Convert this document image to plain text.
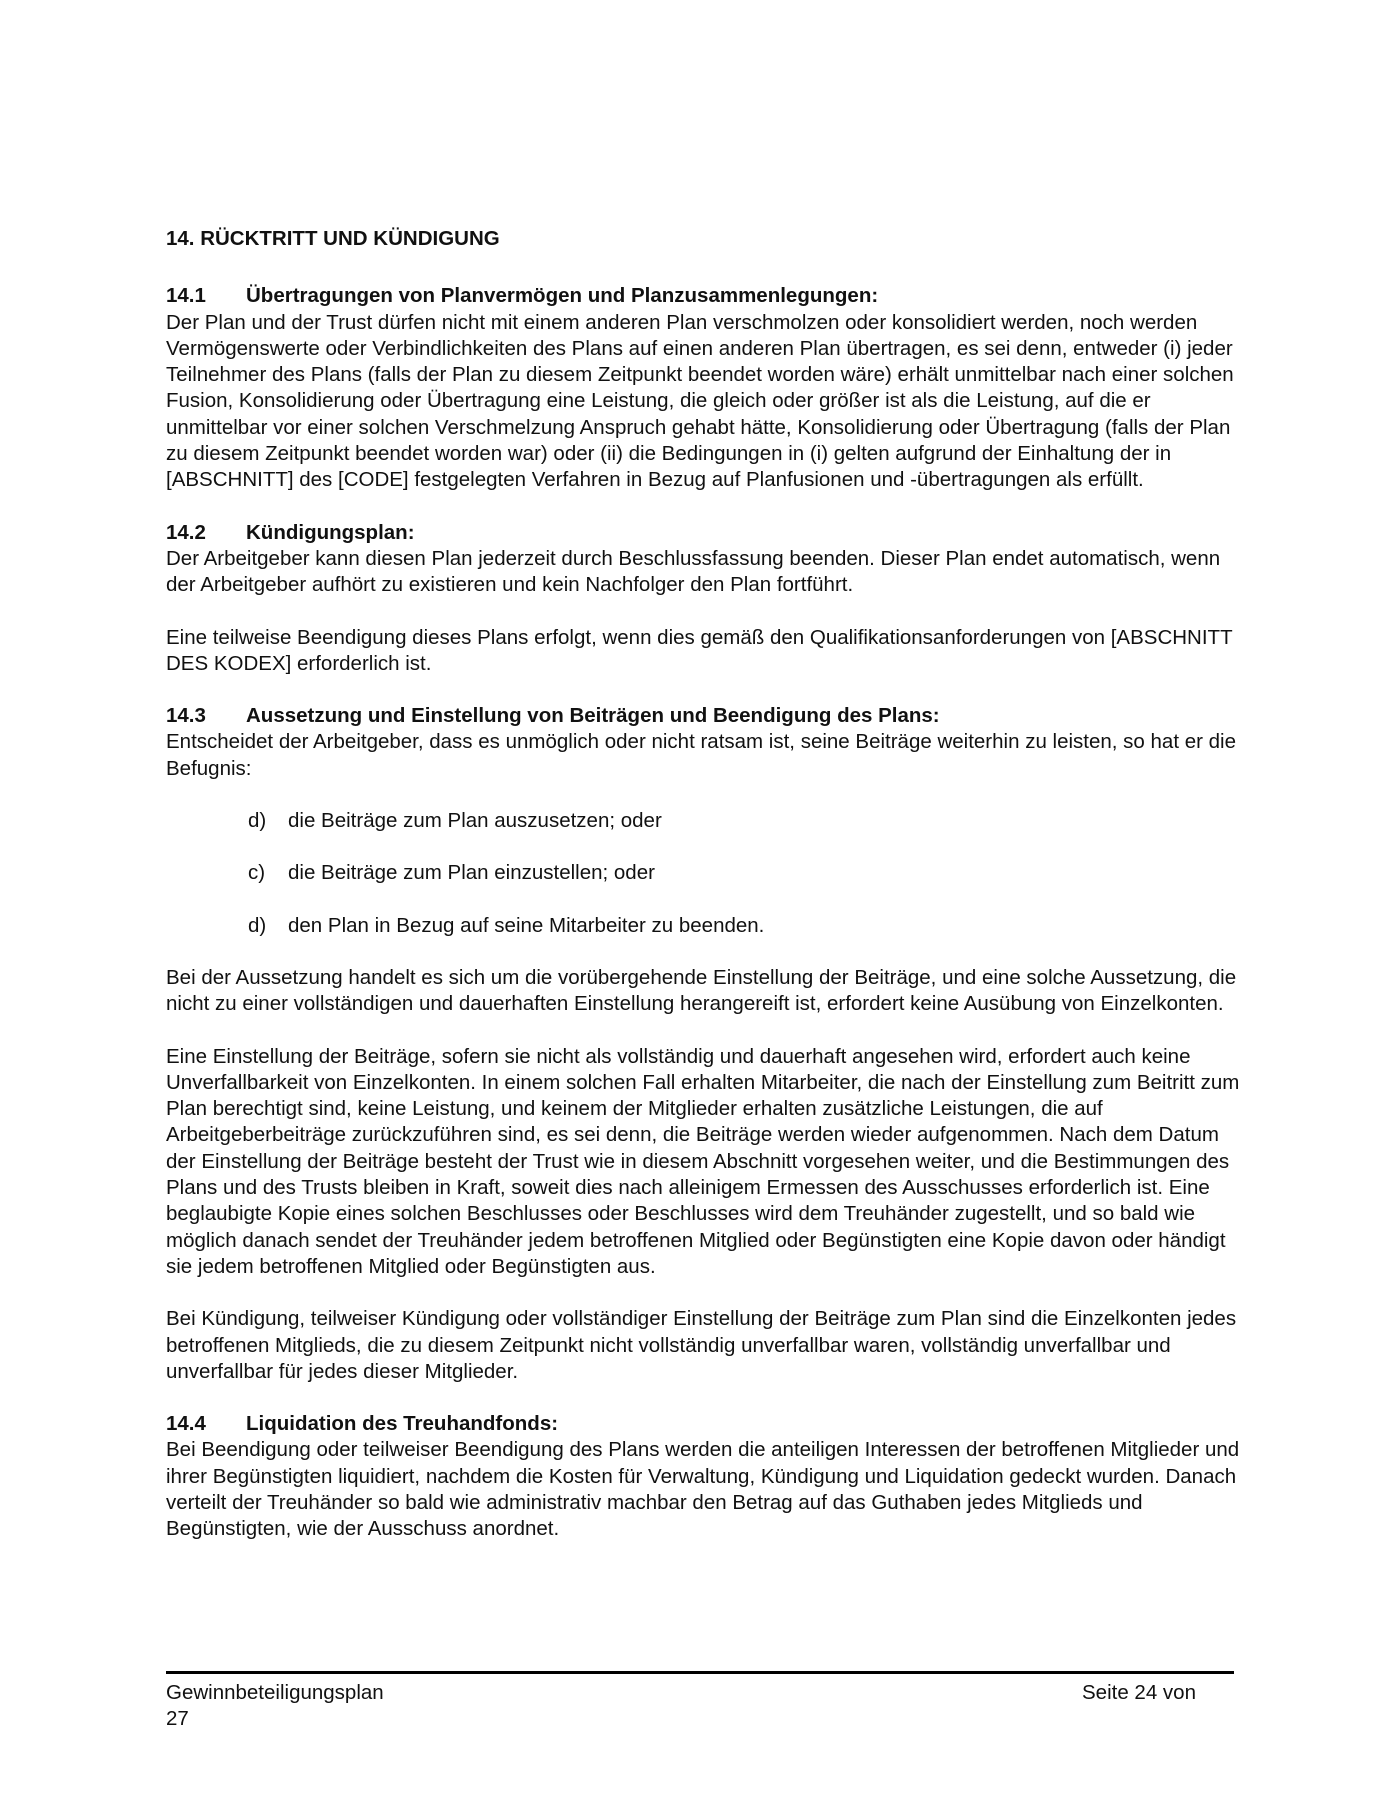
14. RÜCKTRITT UND KÜNDIGUNG
14.1 Übertragungen von Planvermögen und Planzusammenlegungen:
Der Plan und der Trust dürfen nicht mit einem anderen Plan verschmolzen oder konsolidiert werden, noch werden Vermögenswerte oder Verbindlichkeiten des Plans auf einen anderen Plan übertragen, es sei denn, entweder (i) jeder Teilnehmer des Plans (falls der Plan zu diesem Zeitpunkt beendet worden wäre) erhält unmittelbar nach einer solchen Fusion, Konsolidierung oder Übertragung eine Leistung, die gleich oder größer ist als die Leistung, auf die er unmittelbar vor einer solchen Verschmelzung Anspruch gehabt hätte, Konsolidierung oder Übertragung (falls der Plan zu diesem Zeitpunkt beendet worden war) oder (ii) die Bedingungen in (i) gelten aufgrund der Einhaltung der in [ABSCHNITT] des [CODE] festgelegten Verfahren in Bezug auf Planfusionen und -übertragungen als erfüllt.
14.2 Kündigungsplan:
Der Arbeitgeber kann diesen Plan jederzeit durch Beschlussfassung beenden. Dieser Plan endet automatisch, wenn der Arbeitgeber aufhört zu existieren und kein Nachfolger den Plan fortführt.
Eine teilweise Beendigung dieses Plans erfolgt, wenn dies gemäß den Qualifikationsanforderungen von [ABSCHNITT DES KODEX] erforderlich ist.
14.3 Aussetzung und Einstellung von Beiträgen und Beendigung des Plans:
Entscheidet der Arbeitgeber, dass es unmöglich oder nicht ratsam ist, seine Beiträge weiterhin zu leisten, so hat er die Befugnis:
d) die Beiträge zum Plan auszusetzen; oder
c) die Beiträge zum Plan einzustellen; oder
d) den Plan in Bezug auf seine Mitarbeiter zu beenden.
Bei der Aussetzung handelt es sich um die vorübergehende Einstellung der Beiträge, und eine solche Aussetzung, die nicht zu einer vollständigen und dauerhaften Einstellung herangereift ist, erfordert keine Ausübung von Einzelkonten.
Eine Einstellung der Beiträge, sofern sie nicht als vollständig und dauerhaft angesehen wird, erfordert auch keine Unverfallbarkeit von Einzelkonten. In einem solchen Fall erhalten Mitarbeiter, die nach der Einstellung zum Beitritt zum Plan berechtigt sind, keine Leistung, und keinem der Mitglieder erhalten zusätzliche Leistungen, die auf Arbeitgeberbeiträge zurückzuführen sind, es sei denn, die Beiträge werden wieder aufgenommen. Nach dem Datum der Einstellung der Beiträge besteht der Trust wie in diesem Abschnitt vorgesehen weiter, und die Bestimmungen des Plans und des Trusts bleiben in Kraft, soweit dies nach alleinigem Ermessen des Ausschusses erforderlich ist. Eine beglaubigte Kopie eines solchen Beschlusses oder Beschlusses wird dem Treuhänder zugestellt, und so bald wie möglich danach sendet der Treuhänder jedem betroffenen Mitglied oder Begünstigten eine Kopie davon oder händigt sie jedem betroffenen Mitglied oder Begünstigten aus.
Bei Kündigung, teilweiser Kündigung oder vollständiger Einstellung der Beiträge zum Plan sind die Einzelkonten jedes betroffenen Mitglieds, die zu diesem Zeitpunkt nicht vollständig unverfallbar waren, vollständig unverfallbar und unverfallbar für jedes dieser Mitglieder.
14.4 Liquidation des Treuhandfonds:
Bei Beendigung oder teilweiser Beendigung des Plans werden die anteiligen Interessen der betroffenen Mitglieder und ihrer Begünstigten liquidiert, nachdem die Kosten für Verwaltung, Kündigung und Liquidation gedeckt wurden. Danach verteilt der Treuhänder so bald wie administrativ machbar den Betrag auf das Guthaben jedes Mitglieds und Begünstigten, wie der Ausschuss anordnet.
Gewinnbeteiligungsplan	Seite 24 von
27
